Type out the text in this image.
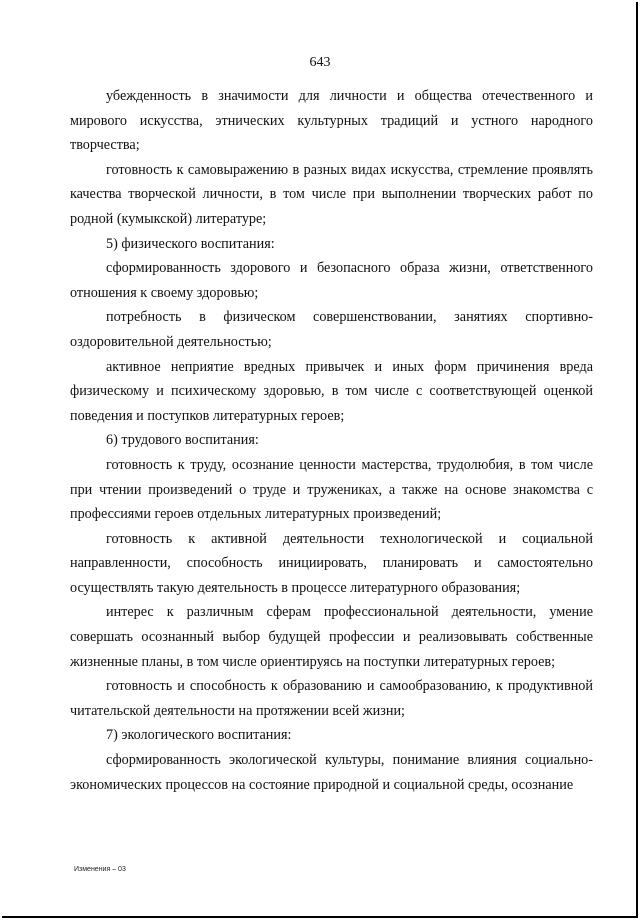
643

убежденность в значимости для личности и общества отечественного и мирового искусства, этнических культурных традиций и устного народного творчества;

готовность к самовыражению в разных видах искусства, стремление проявлять качества творческой личности, в том числе при выполнении творческих работ по родной (кумыкской) литературе;

5) физического воспитания:

сформированность здорового и безопасного образа жизни, ответственного отношения к своему здоровью;

потребность в физическом совершенствовании, занятиях спортивно-оздоровительной деятельностью;

активное неприятие вредных привычек и иных форм причинения вреда физическому и психическому здоровью, в том числе с соответствующей оценкой поведения и поступков литературных героев;

6) трудового воспитания:

готовность к труду, осознание ценности мастерства, трудолюбия, в том числе при чтении произведений о труде и тружениках, а также на основе знакомства с профессиями героев отдельных литературных произведений;

готовность к активной деятельности технологической и социальной направленности, способность инициировать, планировать и самостоятельно осуществлять такую деятельность в процессе литературного образования;

интерес к различным сферам профессиональной деятельности, умение совершать осознанный выбор будущей профессии и реализовывать собственные жизненные планы, в том числе ориентируясь на поступки литературных героев;

готовность и способность к образованию и самообразованию, к продуктивной читательской деятельности на протяжении всей жизни;

7) экологического воспитания:

сформированность экологической культуры, понимание влияния социально-экономических процессов на состояние природной и социальной среды, осознание

Изменения – 03
